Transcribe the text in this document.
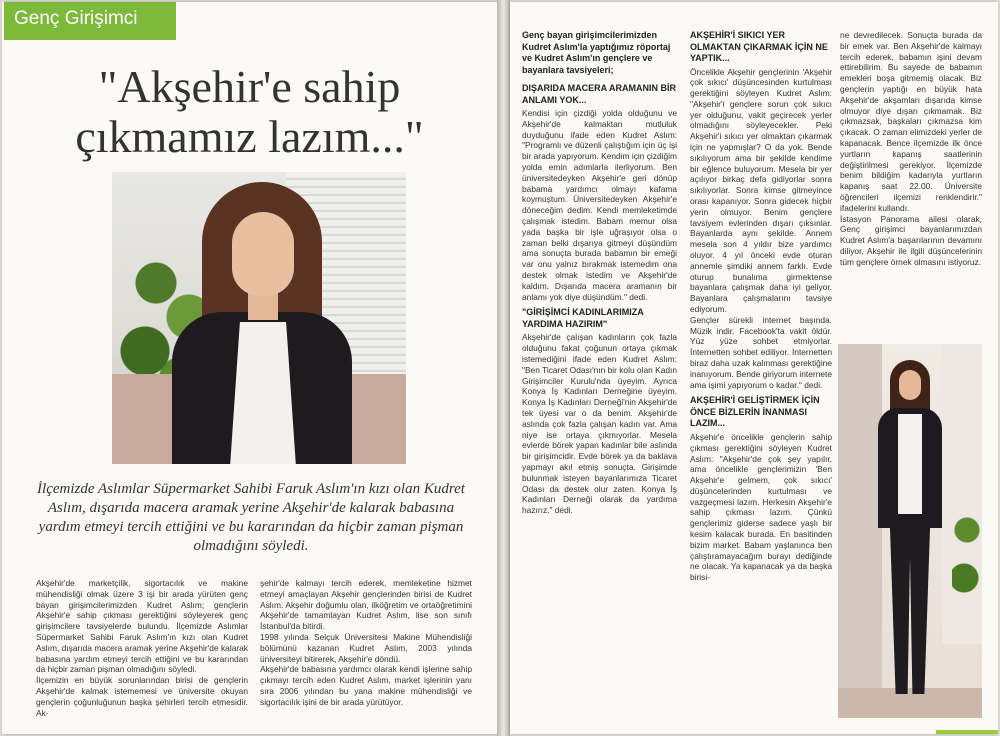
Genç Girişimci
"Akşehir'e sahip
çıkmamız lazım..."
İlçemizde Aslımlar Süpermarket Sahibi Faruk Aslım'ın kızı olan Kudret Aslım, dışarıda macera aramak yerine Akşehir'de kalarak babasına yardım etmeyi tercih ettiğini ve bu kararından da hiçbir zaman pişman olmadığını söyledi.

Akşehir'de marketçilik, sigortacılık ve makine mühendisliği olmak üzere 3 işi bir arada yürüten genç bayan girişimcilerimizden Kudret Aslım; gençlerin Akşehir'e sahip çıkması gerektiğini söyleyerek genç girişimcilere tavsiyelerde bulundu. İlçemizde Aslımlar Süpermarket Sahibi Faruk Aslım'ın kızı olan Kudret Aslım, dışarıda macera aramak yerine Akşehir'de kalarak babasına yardım etmeyi tercih ettiğini ve bu kararından da hiçbir zaman pişman olmadığını söyledi.

İlçemizin en büyük sorunlarından birisi de gençlerin Akşehir'de kalmak istememesi ve üniversite okuyan gençlerin çoğunluğunun başka şehirleri tercih etmesidir. Ak-

şehir'de kalmayı tercih ederek, memleketine hizmet etmeyi amaçlayan Akşehir gençlerinden birisi de Kudret Aslım. Akşehir doğumlu olan, ilköğretim ve ortaöğretimini Akşehir'de tamamlayan Kudret Aslım, lise son sınıfı İstanbul'da bitirdi.

1998 yılında Selçuk Üniversitesi Makine Mühendisliği bölümünü kazanan Kudret Aslım, 2003 yılında üniversiteyi bitirerek, Akşehir'e döndü.

Akşehir'de babasına yardımcı olarak kendi işlerine sahip çıkmayı tercih eden Kudret Aslım, market işlerinin yanı sıra 2006 yılından bu yana makine mühendisliği ve sigortacılık işini de bir arada yürütüyor.

Genç bayan girişimcilerimizden Kudret Aslım'la yaptığımız röportaj ve Kudret Aslım'ın gençlere ve bayanlara tavsiyeleri;
DIŞARIDA MACERA ARAMANIN BİR ANLAMI YOK...

Kendisi için çizdiği yolda olduğunu ve Akşehir'de kalmaktan mutluluk duyduğunu ifade eden Kudret Aslım: "Programlı ve düzenli çalıştığım için üç işi bir arada yapıyorum. Kendim için çizdiğim yolda emin adımlarla ilerliyorum. Ben üniversitedeyken Akşehir'e geri dönüp babama yardımcı olmayı kafama koymuştum. Üniversitedeyken Akşehir'e döneceğim dedim. Kendi memleketimde çalışmak istedim. Babam memur olsa yada başka bir işle uğraşıyor olsa o zaman belki dışarıya gitmeyi düşündüm ama sonuçta burada babamın bir emeği var onu yalnız bırakmak istemedim ona destek olmak istedim ve Akşehir'de kaldım. Dışarıda macera aramanın bir anlamı yok diye düşündüm." dedi.

"GİRİŞİMCİ KADINLARIMIZA YARDIMA HAZIRIM"

Akşehir'de çalışan kadınların çok fazla olduğunu fakat çoğunun ortaya çıkmak istemediğini ifade eden Kudret Aslım: "Ben Ticaret Odası'nın bir kolu olan Kadın Girişimciler Kurulu'nda üyeyim. Ayrıca Konya İş Kadınları Derneğine üyeyim. Konya İş Kadınları Derneği'nin Akşehir'de tek üyesi var o da benim. Akşehir'de aslında çok fazla çalışan kadın var. Ama niye ise ortaya çıkmıyorlar. Mesela evlerde börek yapan kadınlar bile aslında bir girişimcidir. Evde börek ya da baklava yapmayı akıl etmiş sonuçta. Girişimde bulunmak isteyen bayanlarımıza Ticaret Odası da destek olur zaten. Konya İş Kadınları Derneği olarak da yardıma hazırız." dedi.

AKŞEHİR'İ SIKICI YER OLMAKTAN ÇIKARMAK İÇİN NE YAPTIK...

Öncelikle Akşehir gençlerinin 'Akşehir çok sıkıcı' düşüncesinden kurtulması gerektiğini söyleyen Kudret Aslım: "Akşehir'i gençlere sorun çok sıkıcı yer olduğunu, vakit geçirecek yerler olmadığını söyleyecekler. Peki Akşehir'i sıkıcı yer olmaktan çıkarmak için ne yapmışlar? O da yok. Bende sıkılıyorum ama bir şekilde kendime bir eğlence buluyorum. Mesela bir yer açılıyor birkaç defa gidiyorlar sonra sıkılıyorlar. Sonra kimse gitmeyince orası kapanıyor. Sonra gidecek hiçbir yerin olmuyor. Benim gençlere tavsiyem evlerinden dışarı çıksınlar. Bayanlarda aynı şekilde. Annem mesela son 4 yıldır bize yardımcı oluyor. 4 yıl önceki evde oturan annemle şimdiki annem farklı. Evde oturup bunalıma girmektense bayanlara çalışmak daha iyi geliyor. Bayanlara çalışmalarını tavsiye ediyorum.

Gençler sürekli internet başında. Müzik indir. Facebook'ta vakit öldür. Yüz yüze sohbet etmiyorlar. İnternetten sohbet ediliyor. İnternetten biraz daha uzak kalınması gerektiğine inanıyorum. Bende giriyorum internete ama işimi yapıyorum o kadar." dedi.

AKŞEHİR'İ GELİŞTİRMEK İÇİN ÖNCE BİZLERİN İNANMASI LAZIM...

Akşehir'e öncelikle gençlerin sahip çıkması gerektiğini söyleyen Kudret Aslım: "Akşehir'de çok şey yapılır, ama öncelikle gençlerimizin 'Ben Akşehir'e gelmem, çok sıkıcı' düşüncelerinden kurtulması ve vazgeçmesi lazım. Herkesin Akşehir'e sahip çıkması lazım. Çünkü gençlerimiz giderse sadece yaşlı bir kesim kalacak burada. En basitinden bizim market. Babam yaşlanınca ben çalıştıramayacağım burayı dediğinde ne olacak. Ya kapanacak ya da başka birisi-

ne devredilecek. Sonuçta burada da bir emek var. Ben Akşehir'de kalmayı tercih ederek, babamın işini devam ettirebilirim. Bu sayede de babamın emekleri boşa gitmemiş olacak. Biz gençlerin yaptığı en büyük hata Akşehir'de akşamları dışarıda kimse olmuyor diye dışarı çıkmamak. Biz çıkmazsak, başkaları çıkmazsa kim çıkacak. O zaman elimizdeki yerler de kapanacak. Bence ilçemizde ilk önce yurtların kapanış saatlerinin değiştirilmesi gerekiyor. İlçemizde benim bildiğim kadarıyla yurtların kapanış saat 22.00. Üniversite öğrencileri ilçemizi renklendirir." ifadelerini kullandı.

İstasyon Panorama ailesi olarak, Genç girişimci bayanlarımızdan Kudret Aslım'a başarılarının devamını diliyor, Akşehir ile ilgili düşüncelerinin tüm gençlere örnek olmasını istiyoruz.
